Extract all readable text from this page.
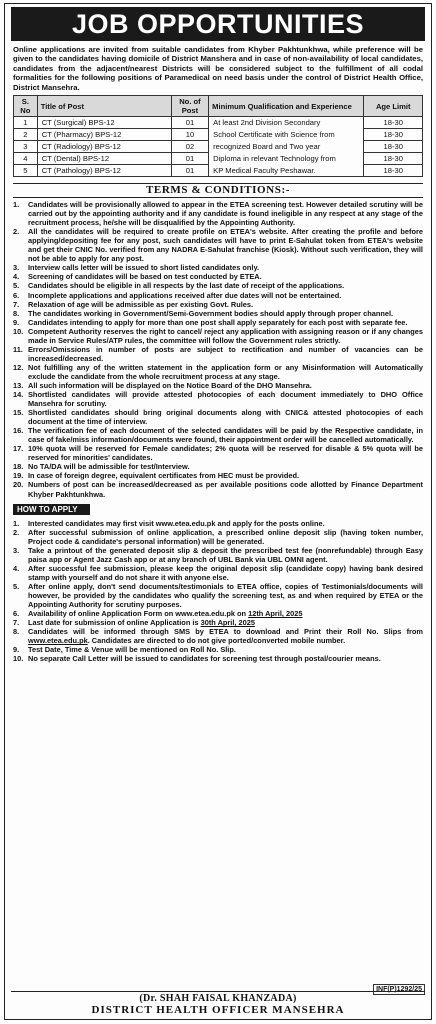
JOB OPPORTUNITIES

Online applications are invited from suitable candidates from Khyber Pakhtunkhwa, while preference will be given to the candidates having domicile of District Manshera and in case of non-availability of local candidates, candidates from the adjacent/nearest Districts will be considered subject to the fulfillment of all codal formalities for the following positions of Paramedical on need basis under the control of District Health Office, District Mansehra.

S. No	Title of Post	No. of Post	Minimum Qualification and Experience	Age Limit
1	CT (Surgical) BPS-12	01	At least 2nd Division Secondary	18-30
2	CT (Pharmacy) BPS-12	10	School Certificate with Science from	18-30
3	CT (Radiology) BPS-12	02	recognized Board and Two year	18-30
4	CT (Dental) BPS-12	01	Diploma in relevant Technology from	18-30
5	CT (Pathology) BPS-12	01	KP Medical Faculty Peshawar.	18-30
TERMS & CONDITIONS:-
1.	Candidates will be provisionally allowed to appear in the ETEA screening test. However detailed scrutiny will be carried out by the appointing authority and if any candidate is found ineligible in any respect at any stage of the recruitment process, he/she will be disqualified by the Appointing Authority.
2.	All the candidates will be required to create profile on ETEA's website. After creating the profile and before applying/depositing fee for any post, such candidates will have to print E-Sahulat token from ETEA's website and get their CNIC No. verified from any NADRA E-Sahulat franchise (Kiosk). Without such verification, they will not be able to apply for any post.
3.	Interview calls letter will be issued to short listed candidates only.
4.	Screening of candidates will be based on test conducted by ETEA.
5.	Candidates should be eligible in all respects by the last date of receipt of the applications.
6.	Incomplete applications and applications received after due dates will not be entertained.
7.	Relaxation of age will be admissible as per existing Govt. Rules.
8.	The candidates working in Government/Semi-Government bodies should apply through proper channel.
9.	Candidates intending to apply for more than one post shall apply separately for each post with separate fee.
10. Competent Authority reserves the right to cancel/ reject any application with assigning reason or if any changes made in Service Rules/ATP rules, the committee will follow the Government rules strictly.
11. Errors/Omissions in number of posts are subject to rectification and number of vacancies can be increased/decreased.
12. Not fulfilling any of the written statement in the application form or any Misinformation will Automatically exclude the candidate from the whole recruitment process at any stage.
13. All such information will be displayed on the Notice Board of the DHO Mansehra.
14. Shortlisted candidates will provide attested photocopies of each document immediately to DHO Office Mansehra for scrutiny.
15. Shortlisted candidates should bring original documents along with CNIC& attested photocopies of each document at the time of interview.
16. The verification fee of each document of the selected candidates will be paid by the Respective candidate, in case of fake/miss information/documents were found, their appointment order will be cancelled automatically.
17. 10% quota will be reserved for Female candidates; 2% quota will be reserved for disable & 5% quota will be reserved for minorities' candidates.
18. No TA/DA will be admissible for test/Interview.
19. In case of foreign degree, equivalent certificates from HEC must be provided.
20. Numbers of post can be increased/decreased as per available positions code allotted by Finance Department Khyber Pakhtunkhwa.
HOW TO APPLY
1.	Interested candidates may first visit www.etea.edu.pk and apply for the posts online.
2.	After successful submission of online application, a prescribed online deposit slip (having token number, Project code & candidate's personal information) will be generated.
3.	Take a printout of the generated deposit slip & deposit the prescribed test fee (nonrefundable) through Easy paisa app or Agent Jazz Cash app or at any branch of UBL Bank via UBL OMNI agent.
4.	After successful fee submission, please keep the original deposit slip (candidate copy) having bank desired stamp with yourself and do not share it with anyone else.
5.	After online apply, don't send documents/testimonials to ETEA office, copies of Testimonials/documents will however, be provided by the candidates who qualify the screening test, as and when required by ETEA or the Appointing Authority for scrutiny purposes.
6.	Availability of online Application Form on www.etea.edu.pk on 12th April, 2025
7.	Last date for submission of online Application is 30th April, 2025
8.	Candidates will be informed through SMS by ETEA to download and Print their Roll No. Slips from www.etea.edu.pk. Candidates are directed to do not give ported/converted mobile number.
9.	Test Date, Time & Venue will be mentioned on Roll No. Slip.
10. No separate Call Letter will be issued to candidates for screening test through postal/courier means.
INF(P)1292/25
(Dr. SHAH FAISAL KHANZADA)
DISTRICT HEALTH OFFICER MANSEHRA
